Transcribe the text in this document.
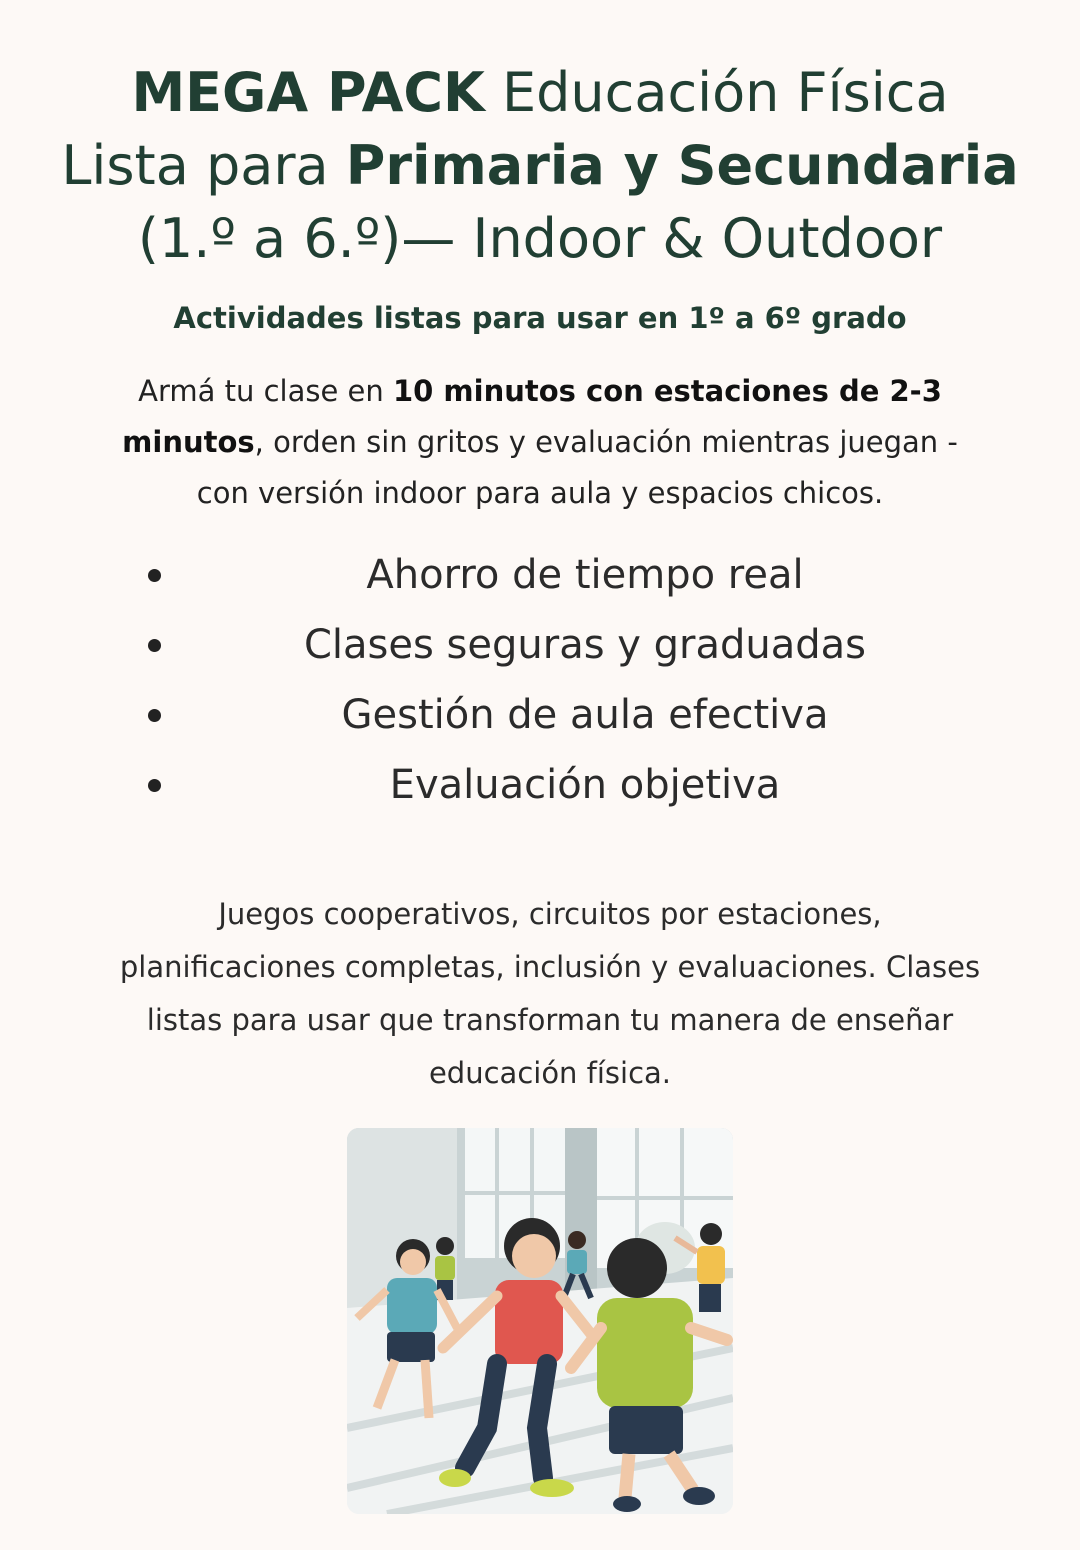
MEGA PACK Educación Física
Lista para Primaria y Secundaria
(1.º a 6.º)— Indoor & Outdoor
Actividades listas para usar en 1º a 6º grado
Armá tu clase en 10 minutos con estaciones de 2-3 minutos, orden sin gritos y evaluación mientras juegan - con versión indoor para aula y espacios chicos.
Ahorro de tiempo real
Clases seguras y graduadas
Gestión de aula efectiva
Evaluación objetiva
Juegos cooperativos, circuitos por estaciones, planificaciones completas, inclusión y evaluaciones. Clases listas para usar que transforman tu manera de enseñar educación física.
